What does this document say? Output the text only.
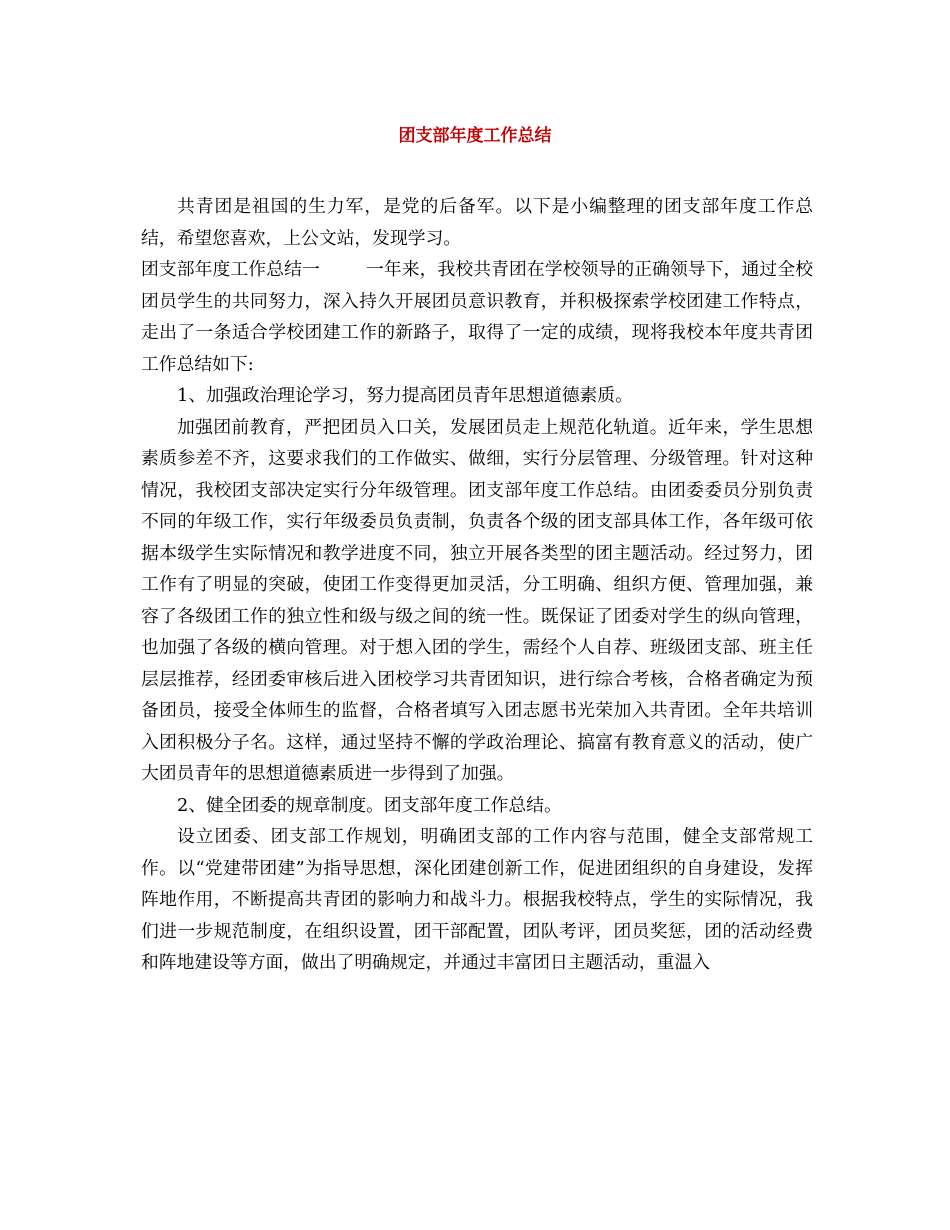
团支部年度工作总结

共青团是祖国的生力军，是党的后备军。以下是小编整理的团支部年度工作总结，希望您喜欢，上公文站，发现学习。

团支部年度工作总结一	一年来，我校共青团在学校领导的正确领导下，通过全校团员学生的共同努力，深入持久开展团员意识教育，并积极探索学校团建工作特点，走出了一条适合学校团建工作的新路子，取得了一定的成绩，现将我校本年度共青团工作总结如下:

1、加强政治理论学习，努力提高团员青年思想道德素质。

加强团前教育，严把团员入口关，发展团员走上规范化轨道。近年来，学生思想素质参差不齐，这要求我们的工作做实、做细，实行分层管理、分级管理。针对这种情况，我校团支部决定实行分年级管理。团支部年度工作总结。由团委委员分别负责不同的年级工作，实行年级委员负责制，负责各个级的团支部具体工作，各年级可依据本级学生实际情况和教学进度不同，独立开展各类型的团主题活动。经过努力，团工作有了明显的突破，使团工作变得更加灵活，分工明确、组织方便、管理加强，兼容了各级团工作的独立性和级与级之间的统一性。既保证了团委对学生的纵向管理，也加强了各级的横向管理。对于想入团的学生，需经个人自荐、班级团支部、班主任层层推荐，经团委审核后进入团校学习共青团知识，进行综合考核，合格者确定为预备团员，接受全体师生的监督，合格者填写入团志愿书光荣加入共青团。全年共培训入团积极分子名。这样，通过坚持不懈的学政治理论、搞富有教育意义的活动，使广大团员青年的思想道德素质进一步得到了加强。

2、健全团委的规章制度。团支部年度工作总结。

设立团委、团支部工作规划，明确团支部的工作内容与范围，健全支部常规工作。以“党建带团建”为指导思想，深化团建创新工作，促进团组织的自身建设，发挥阵地作用，不断提高共青团的影响力和战斗力。根据我校特点，学生的实际情况，我们进一步规范制度，在组织设置，团干部配置，团队考评，团员奖惩，团的活动经费和阵地建设等方面，做出了明确规定，并通过丰富团日主题活动，重温入
